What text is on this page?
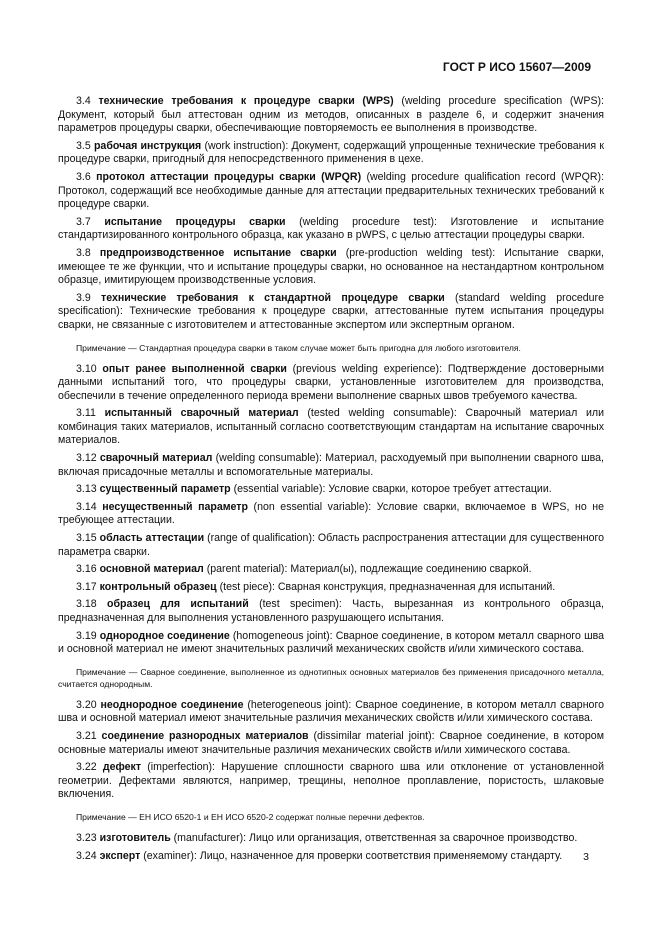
ГОСТ Р ИСО 15607—2009

3.4 технические требования к процедуре сварки (WPS) (welding procedure specification (WPS): Документ, который был аттестован одним из методов, описанных в разделе 6, и содержит значения параметров процедуры сварки, обеспечивающие повторяемость ее выполнения в производстве.

3.5 рабочая инструкция (work instruction): Документ, содержащий упрощенные технические требования к процедуре сварки, пригодный для непосредственного применения в цехе.

3.6 протокол аттестации процедуры сварки (WPQR) (welding procedure qualification record (WPQR): Протокол, содержащий все необходимые данные для аттестации предварительных технических требований к процедуре сварки.

3.7 испытание процедуры сварки (welding procedure test): Изготовление и испытание стандартизированного контрольного образца, как указано в pWPS, с целью аттестации процедуры сварки.

3.8 предпроизводственное испытание сварки (pre-production welding test): Испытание сварки, имеющее те же функции, что и испытание процедуры сварки, но основанное на нестандартном контрольном образце, имитирующем производственные условия.

3.9 технические требования к стандартной процедуре сварки (standard welding procedure specification): Технические требования к процедуре сварки, аттестованные путем испытания процедуры сварки, не связанные с изготовителем и аттестованные экспертом или экспертным органом.

Примечание — Стандартная процедура сварки в таком случае может быть пригодна для любого изготовителя.

3.10 опыт ранее выполненной сварки (previous welding experience): Подтверждение достоверными данными испытаний того, что процедуры сварки, установленные изготовителем для производства, обеспечили в течение определенного периода времени выполнение сварных швов требуемого качества.

3.11 испытанный сварочный материал (tested welding consumable): Сварочный материал или комбинация таких материалов, испытанный согласно соответствующим стандартам на испытание сварочных материалов.

3.12 сварочный материал (welding consumable): Материал, расходуемый при выполнении сварного шва, включая присадочные металлы и вспомогательные материалы.

3.13 существенный параметр (essential variable): Условие сварки, которое требует аттестации.

3.14 несущественный параметр (non essential variable): Условие сварки, включаемое в WPS, но не требующее аттестации.

3.15 область аттестации (range of qualification): Область распространения аттестации для существенного параметра сварки.

3.16 основной материал (parent material): Материал(ы), подлежащие соединению сваркой.

3.17 контрольный образец (test piece): Сварная конструкция, предназначенная для испытаний.

3.18 образец для испытаний (test specimen): Часть, вырезанная из контрольного образца, предназначенная для выполнения установленного разрушающего испытания.

3.19 однородное соединение (homogeneous joint): Сварное соединение, в котором металл сварного шва и основной материал не имеют значительных различий механических свойств и/или химического состава.

Примечание — Сварное соединение, выполненное из однотипных основных материалов без применения присадочного металла, считается однородным.

3.20 неоднородное соединение (heterogeneous joint): Сварное соединение, в котором металл сварного шва и основной материал имеют значительные различия механических свойств и/или химического состава.

3.21 соединение разнородных материалов (dissimilar material joint): Сварное соединение, в котором основные материалы имеют значительные различия механических свойств и/или химического состава.

3.22 дефект (imperfection): Нарушение сплошности сварного шва или отклонение от установленной геометрии. Дефектами являются, например, трещины, неполное проплавление, пористость, шлаковые включения.

Примечание — ЕН ИСО 6520-1 и ЕН ИСО 6520-2 содержат полные перечни дефектов.

3.23 изготовитель (manufacturer): Лицо или организация, ответственная за сварочное производство.

3.24 эксперт (examiner): Лицо, назначенное для проверки соответствия применяемому стандарту.	3
